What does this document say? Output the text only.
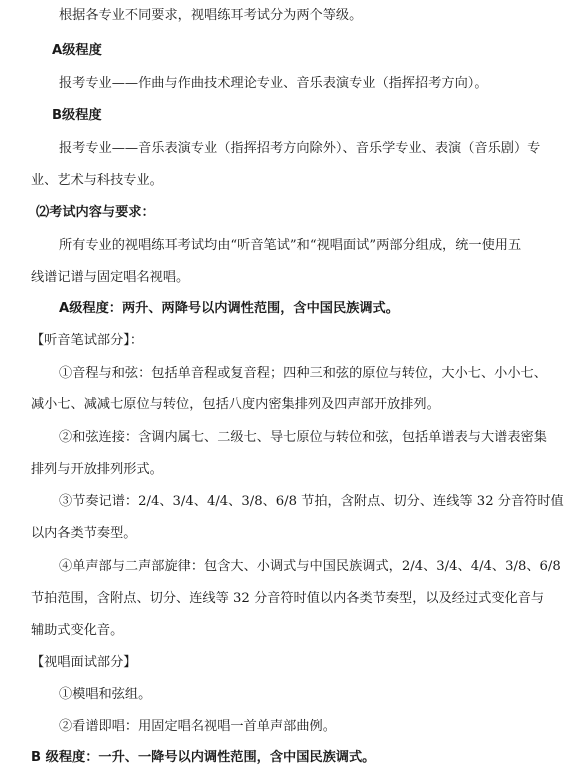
根据各专业不同要求，视唱练耳考试分为两个等级。
A级程度
报考专业——作曲与作曲技术理论专业、音乐表演专业（指挥招考方向）。
B级程度
报考专业——音乐表演专业（指挥招考方向除外）、音乐学专业、表演（音乐剧）专
业、艺术与科技专业。
⑵考试内容与要求：
所有专业的视唱练耳考试均由“听音笔试”和“视唱面试”两部分组成，统一使用五
线谱记谱与固定唱名视唱。
A级程度：两升、两降号以内调性范围，含中国民族调式。
【听音笔试部分】：
①音程与和弦：包括单音程或复音程；四种三和弦的原位与转位，大小七、小小七、
减小七、减减七原位与转位，包括八度内密集排列及四声部开放排列。
②和弦连接：含调内属七、二级七、导七原位与转位和弦，包括单谱表与大谱表密集
排列与开放排列形式。
③节奏记谱：2/4、3/4、4/4、3/8、6/8 节拍，含附点、切分、连线等 32 分音符时值
以内各类节奏型。
④单声部与二声部旋律：包含大、小调式与中国民族调式，2/4、3/4、4/4、3/8、6/8
节拍范围，含附点、切分、连线等 32 分音符时值以内各类节奏型，以及经过式变化音与
辅助式变化音。
【视唱面试部分】
①模唱和弦组。
②看谱即唱：用固定唱名视唱一首单声部曲例。
B 级程度：一升、一降号以内调性范围，含中国民族调式。
